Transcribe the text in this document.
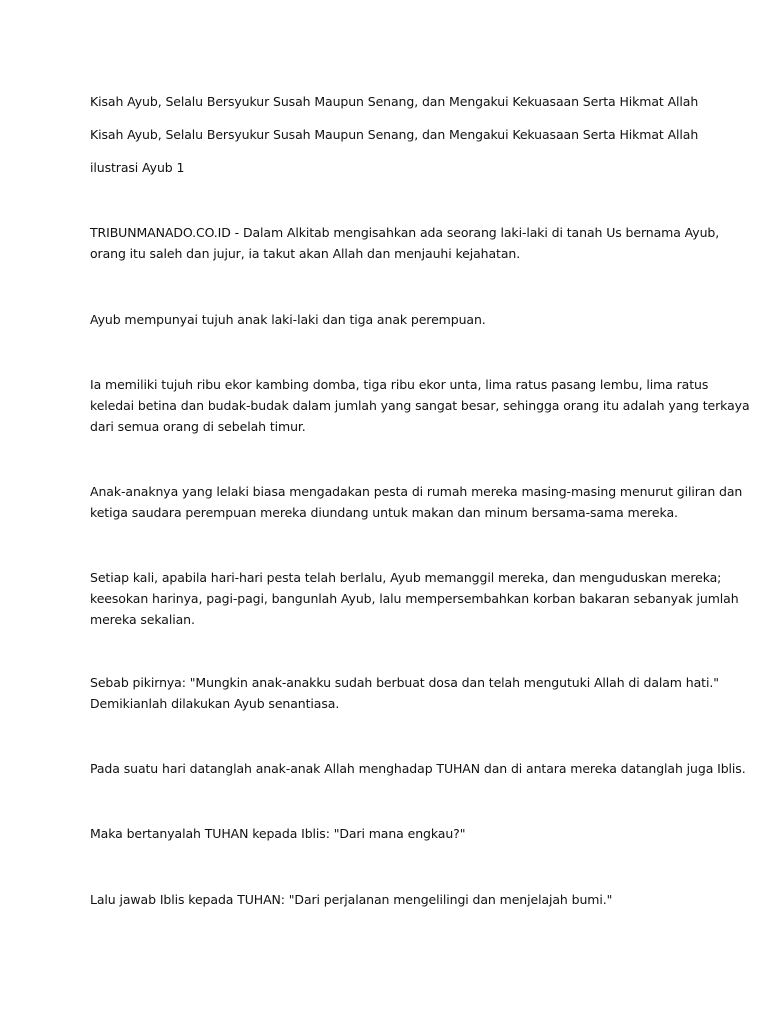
Kisah Ayub, Selalu Bersyukur Susah Maupun Senang, dan Mengakui Kekuasaan Serta Hikmat Allah

Kisah Ayub, Selalu Bersyukur Susah Maupun Senang, dan Mengakui Kekuasaan Serta Hikmat Allah

ilustrasi Ayub 1

TRIBUNMANADO.CO.ID - Dalam Alkitab mengisahkan ada seorang laki-laki di tanah Us bernama Ayub,
orang itu saleh dan jujur, ia takut akan Allah dan menjauhi kejahatan.

Ayub mempunyai tujuh anak laki-laki dan tiga anak perempuan.

Ia memiliki tujuh ribu ekor kambing domba, tiga ribu ekor unta, lima ratus pasang lembu, lima ratus
keledai betina dan budak-budak dalam jumlah yang sangat besar, sehingga orang itu adalah yang terkaya
dari semua orang di sebelah timur.

Anak-anaknya yang lelaki biasa mengadakan pesta di rumah mereka masing-masing menurut giliran dan
ketiga saudara perempuan mereka diundang untuk makan dan minum bersama-sama mereka.

Setiap kali, apabila hari-hari pesta telah berlalu, Ayub memanggil mereka, dan menguduskan mereka;
keesokan harinya, pagi-pagi, bangunlah Ayub, lalu mempersembahkan korban bakaran sebanyak jumlah
mereka sekalian.

Sebab pikirnya: "Mungkin anak-anakku sudah berbuat dosa dan telah mengutuki Allah di dalam hati."
Demikianlah dilakukan Ayub senantiasa.

Pada suatu hari datanglah anak-anak Allah menghadap TUHAN dan di antara mereka datanglah juga Iblis.

Maka bertanyalah TUHAN kepada Iblis: "Dari mana engkau?"

Lalu jawab Iblis kepada TUHAN: "Dari perjalanan mengelilingi dan menjelajah bumi."
